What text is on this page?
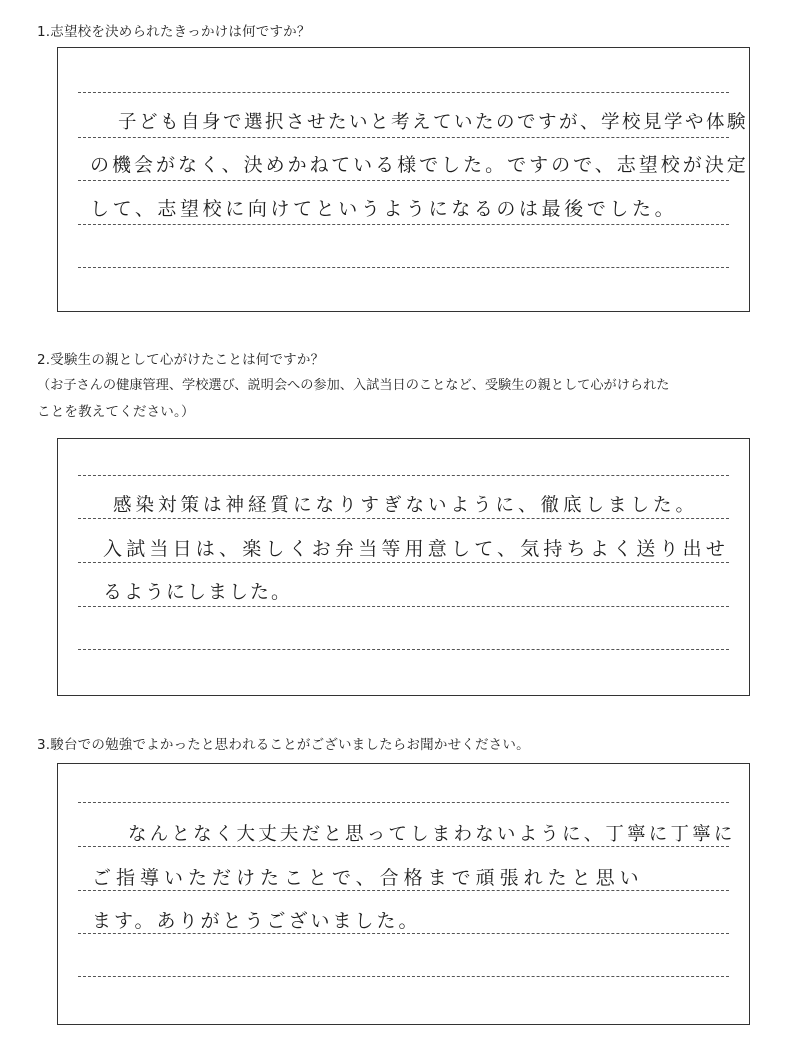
1.志望校を決められたきっかけは何ですか？
子ども自身で選択させたいと考えていたのですが、学校見学や体験
の機会がなく、決めかねている様でした。ですので、志望校が決定
して、志望校に向けてというようになるのは最後でした。
2.受験生の親として心がけたことは何ですか？
（お子さんの健康管理、学校選び、説明会への参加、入試当日のことなど、受験生の親として心がけられた
ことを教えてください。）
感染対策は神経質になりすぎないように、徹底しました。
入試当日は、楽しくお弁当等用意して、気持ちよく送り出せ
るようにしました。
3.駿台での勉強でよかったと思われることがございましたらお聞かせください。
なんとなく大丈夫だと思ってしまわないように、丁寧に丁寧に
ご指導いただけたことで、合格まで頑張れたと思い
ます。ありがとうございました。
